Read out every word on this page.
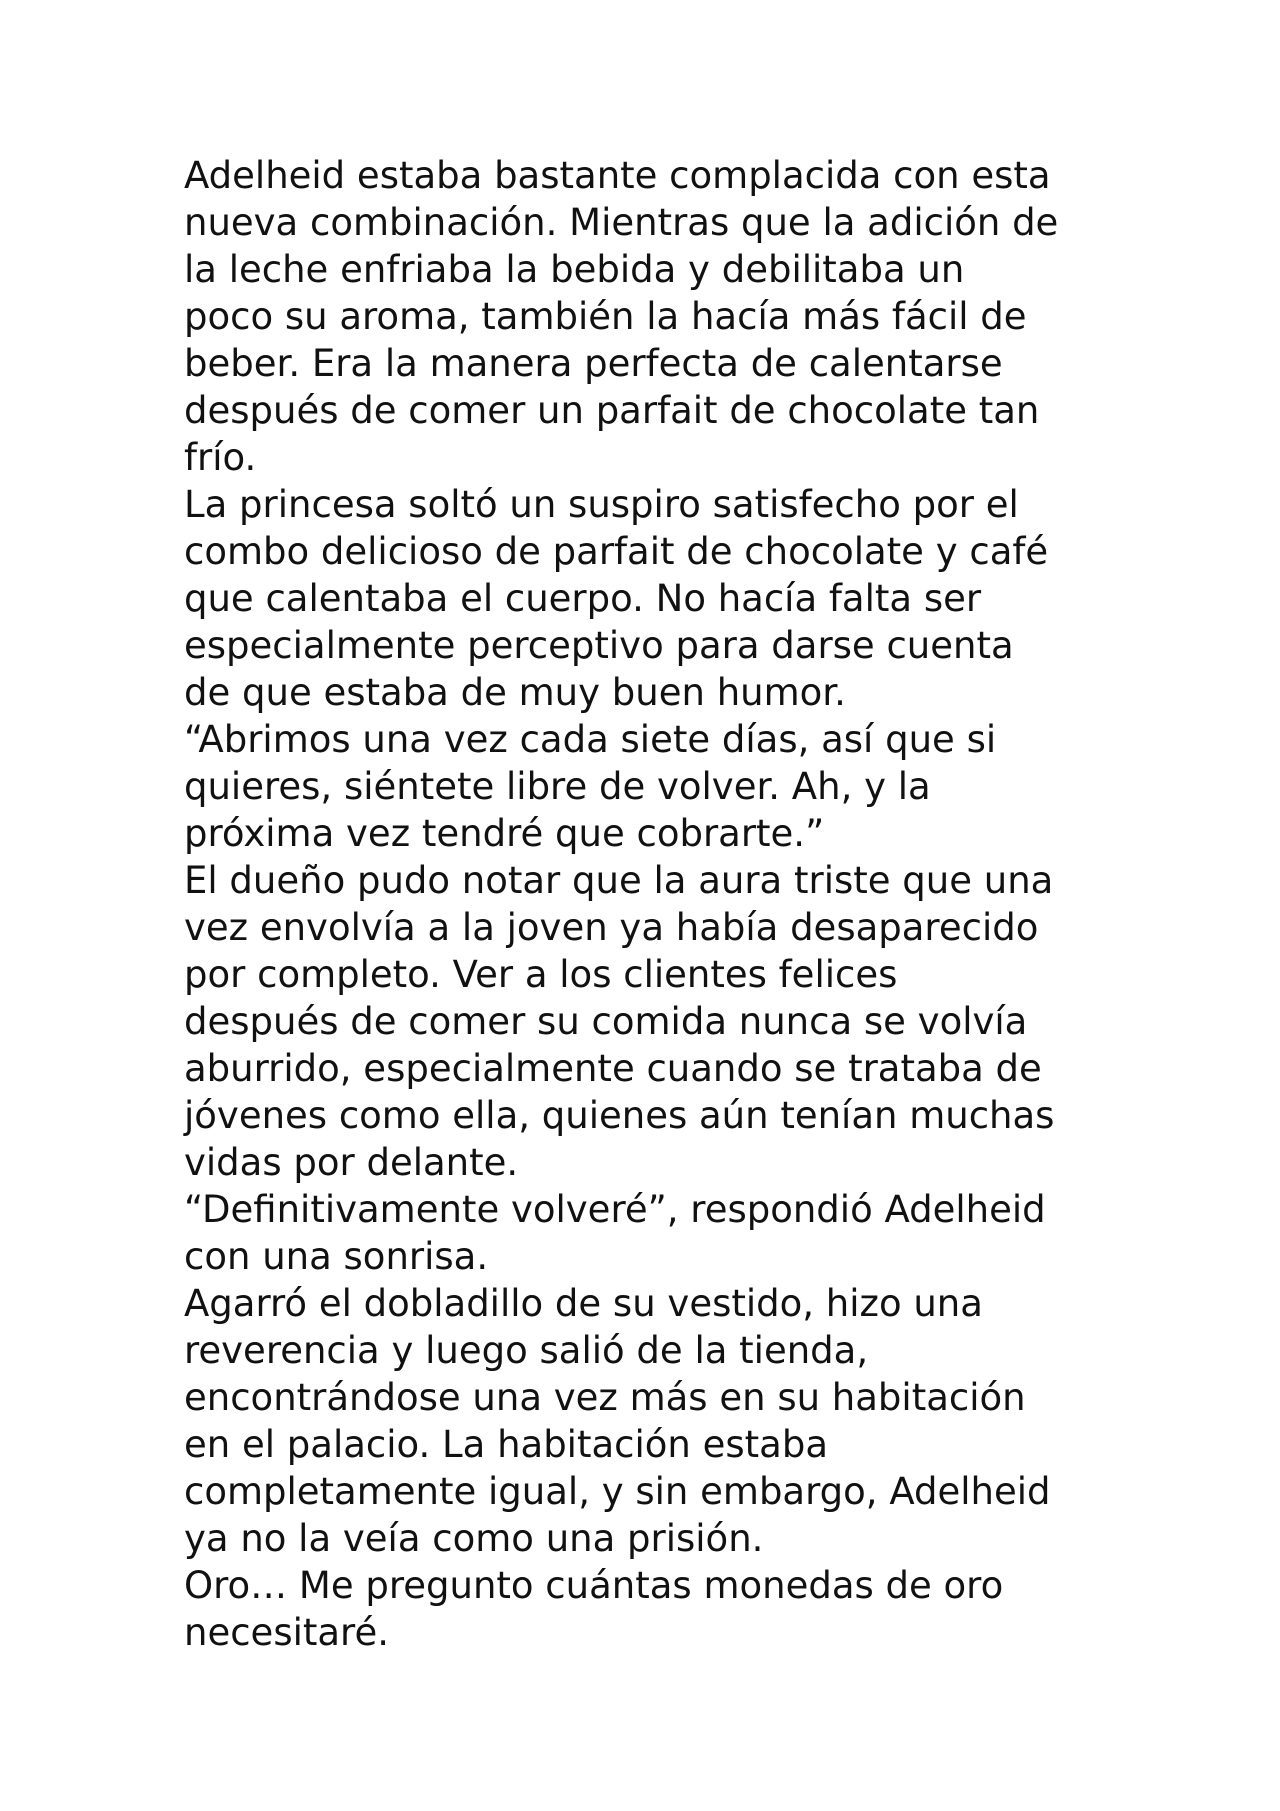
Adelheid estaba bastante complacida con esta
nueva combinación. Mientras que la adición de
la leche enfriaba la bebida y debilitaba un
poco su aroma, también la hacía más fácil de
beber. Era la manera perfecta de calentarse
después de comer un parfait de chocolate tan
frío.
La princesa soltó un suspiro satisfecho por el
combo delicioso de parfait de chocolate y café
que calentaba el cuerpo. No hacía falta ser
especialmente perceptivo para darse cuenta
de que estaba de muy buen humor.
“Abrimos una vez cada siete días, así que si
quieres, siéntete libre de volver. Ah, y la
próxima vez tendré que cobrarte.”
El dueño pudo notar que la aura triste que una
vez envolvía a la joven ya había desaparecido
por completo. Ver a los clientes felices
después de comer su comida nunca se volvía
aburrido, especialmente cuando se trataba de
jóvenes como ella, quienes aún tenían muchas
vidas por delante.
“Definitivamente volveré”, respondió Adelheid
con una sonrisa.
Agarró el dobladillo de su vestido, hizo una
reverencia y luego salió de la tienda,
encontrándose una vez más en su habitación
en el palacio. La habitación estaba
completamente igual, y sin embargo, Adelheid
ya no la veía como una prisión.
Oro… Me pregunto cuántas monedas de oro
necesitaré.
